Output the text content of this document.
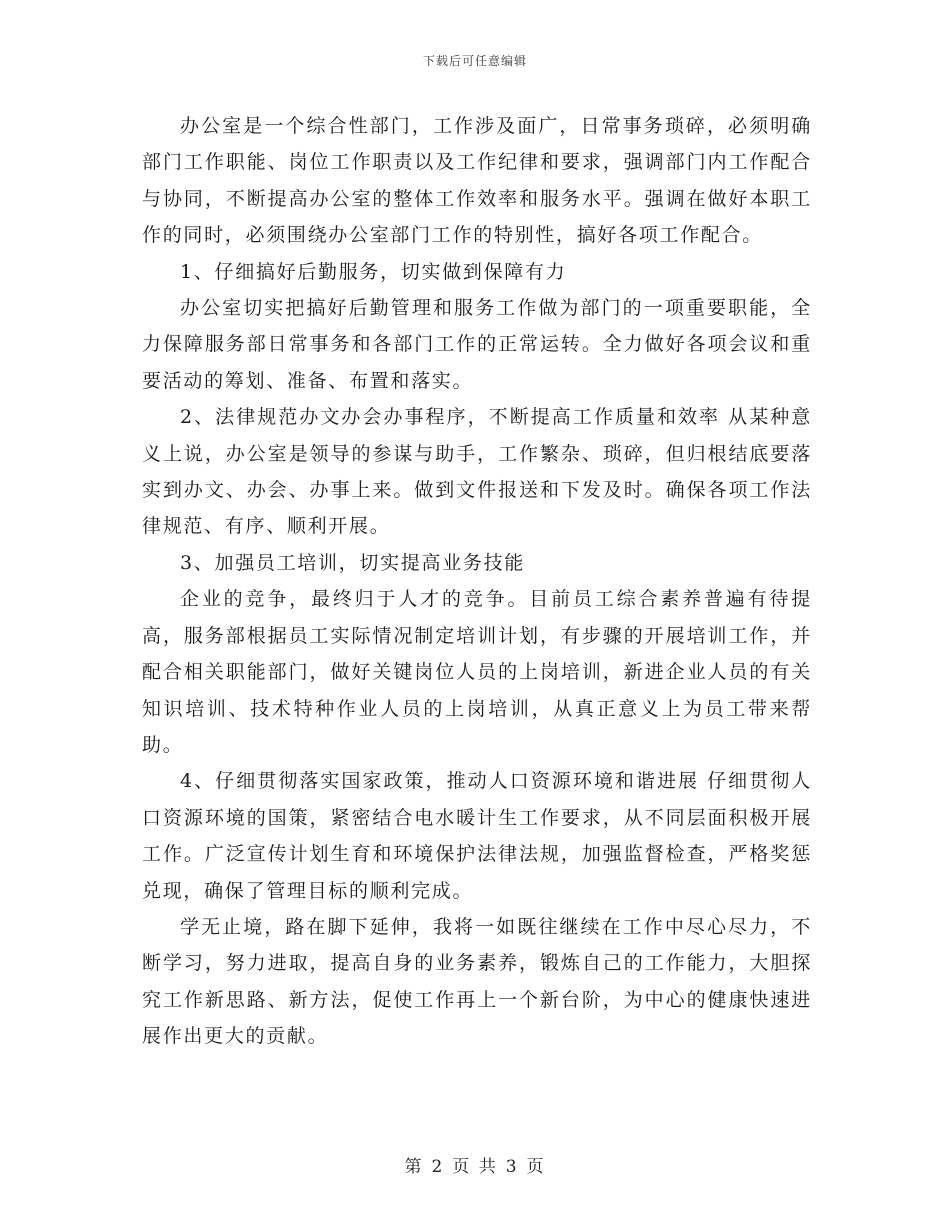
下载后可任意编辑

办公室是一个综合性部门，工作涉及面广，日常事务琐碎，必须明确部门工作职能、岗位工作职责以及工作纪律和要求，强调部门内工作配合与协同，不断提高办公室的整体工作效率和服务水平。强调在做好本职工作的同时，必须围绕办公室部门工作的特别性，搞好各项工作配合。

1、仔细搞好后勤服务，切实做到保障有力

办公室切实把搞好后勤管理和服务工作做为部门的一项重要职能，全力保障服务部日常事务和各部门工作的正常运转。全力做好各项会议和重要活动的筹划、准备、布置和落实。

2、法律规范办文办会办事程序，不断提高工作质量和效率 从某种意义上说，办公室是领导的参谋与助手，工作繁杂、琐碎，但归根结底要落实到办文、办会、办事上来。做到文件报送和下发及时。确保各项工作法律规范、有序、顺利开展。

3、加强员工培训，切实提高业务技能

企业的竞争，最终归于人才的竞争。目前员工综合素养普遍有待提高，服务部根据员工实际情况制定培训计划，有步骤的开展培训工作，并配合相关职能部门，做好关键岗位人员的上岗培训，新进企业人员的有关知识培训、技术特种作业人员的上岗培训，从真正意义上为员工带来帮助。

4、仔细贯彻落实国家政策，推动人口资源环境和谐进展 仔细贯彻人口资源环境的国策，紧密结合电水暖计生工作要求，从不同层面积极开展工作。广泛宣传计划生育和环境保护法律法规，加强监督检查，严格奖惩兑现，确保了管理目标的顺利完成。

学无止境，路在脚下延伸，我将一如既往继续在工作中尽心尽力，不断学习，努力进取，提高自身的业务素养，锻炼自己的工作能力，大胆探究工作新思路、新方法，促使工作再上一个新台阶，为中心的健康快速进展作出更大的贡献。

第 2 页 共 3 页
